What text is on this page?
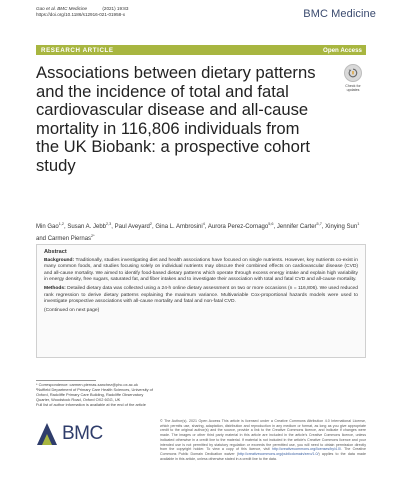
Gao et al. BMC Medicine	(2021) 19:83
https://doi.org/10.1186/s12916-021-01958-x	BMC Medicine
RESEARCH ARTICLE	Open Access
Associations between dietary patterns and the incidence of total and fatal cardiovascular disease and all-cause mortality in 116,806 individuals from the UK Biobank: a prospective cohort study
Check for updates
Min Gao$^{1,2}$, Susan A. Jebb$^{2,3}$, Paul Aveyard$^2$, Gina L. Ambrosini$^4$, Aurora Perez-Cornago$^{5,6}$, Jennifer Carter$^{5,7}$, Xinying Sun$^1$ and Carmen Piernas$^{2*}$
Abstract

Background: Traditionally, studies investigating diet and health associations have focused on single nutrients. However, key nutrients co-exist in many common foods, and studies focusing solely on individual nutrients may obscure their combined effects on cardiovascular disease (CVD) and all-cause mortality. We aimed to identify food-based dietary patterns which operate through excess energy intake and explain high variability in energy density, free sugars, saturated fat, and fiber intakes and to investigate their association with total and fatal CVD and all-cause mortality.

Methods: Detailed dietary data was collected using a 24-h online dietary assessment on two or more occasions (n = 116,806). We used reduced rank regression to derive dietary patterns explaining the maximum variance. Multivariable Cox-proportional hazards models were used to investigate prospective associations with all-cause mortality and fatal and non-fatal CVD.

(Continued on next page)

* Correspondence: carmen.piernas-sanchez@phc.ox.ac.uk

²Nuffield Department of Primary Care Health Sciences, University of Oxford, Radcliffe Primary Care Building, Radcliffe Observatory Quarter, Woodstock Road, Oxford OX2 6GG, UK

Full list of author information is available at the end of the article

BMC

© The Author(s). 2021 Open Access This article is licensed under a Creative Commons Attribution 4.0 International License, which permits use, sharing, adaptation, distribution and reproduction in any medium or format, as long as you give appropriate credit to the original author(s) and the source, provide a link to the Creative Commons licence, and indicate if changes were made. The images or other third party material in this article are included in the article's Creative Commons licence, unless indicated otherwise in a credit line to the material. If material is not included in the article's Creative Commons licence and your intended use is not permitted by statutory regulation or exceeds the permitted use, you will need to obtain permission directly from the copyright holder. To view a copy of this licence, visit http://creativecommons.org/licenses/by/4.0/. The Creative Commons Public Domain Dedication waiver (http://creativecommons.org/publicdomain/zero/1.0/) applies to the data made available in this article, unless otherwise stated in a credit line to the data.
